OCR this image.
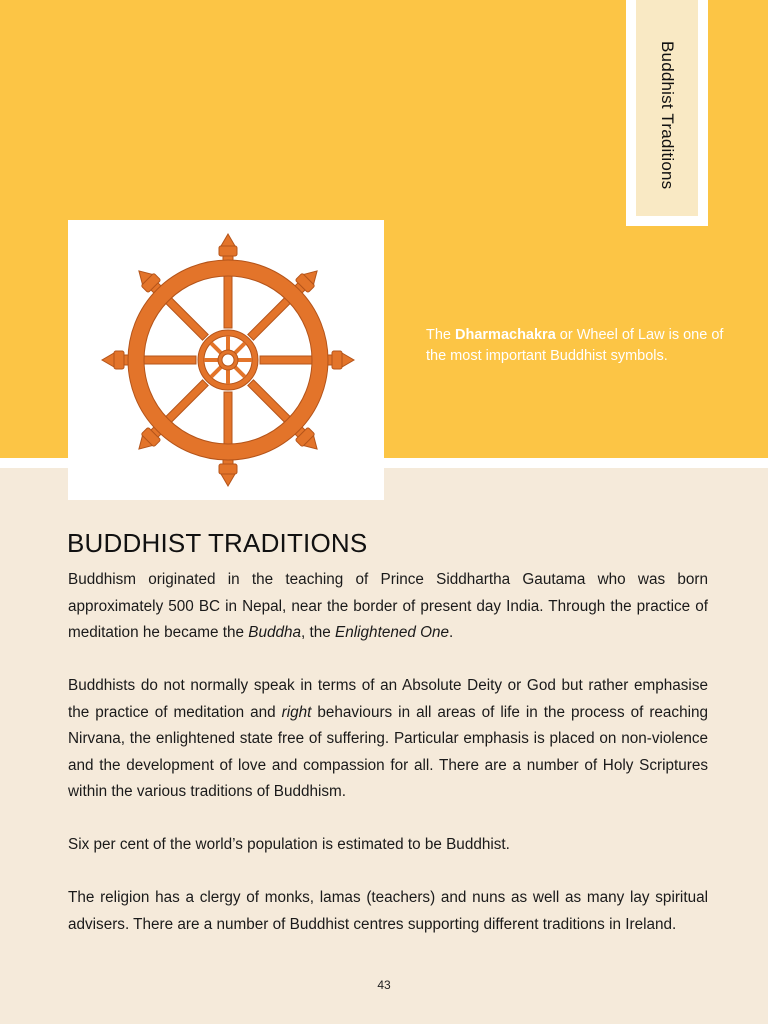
Buddhist Traditions
The Dharmachakra or Wheel of Law is one of the most important Buddhist symbols.
BUDDHIST TRADITIONS

Buddhism originated in the teaching of Prince Siddhartha Gautama who was born approximately 500 BC in Nepal, near the border of present day India. Through the practice of meditation he became the Buddha, the Enlightened One.

Buddhists do not normally speak in terms of an Absolute Deity or God but rather emphasise the practice of meditation and right behaviours in all areas of life in the process of reaching Nirvana, the enlightened state free of suffering. Particular emphasis is placed on non-violence and the development of love and compassion for all. There are a number of Holy Scriptures within the various traditions of Buddhism.

Six per cent of the world’s population is estimated to be Buddhist.

The religion has a clergy of monks, lamas (teachers) and nuns as well as many lay spiritual advisers. There are a number of Buddhist centres supporting different traditions in Ireland.

43
